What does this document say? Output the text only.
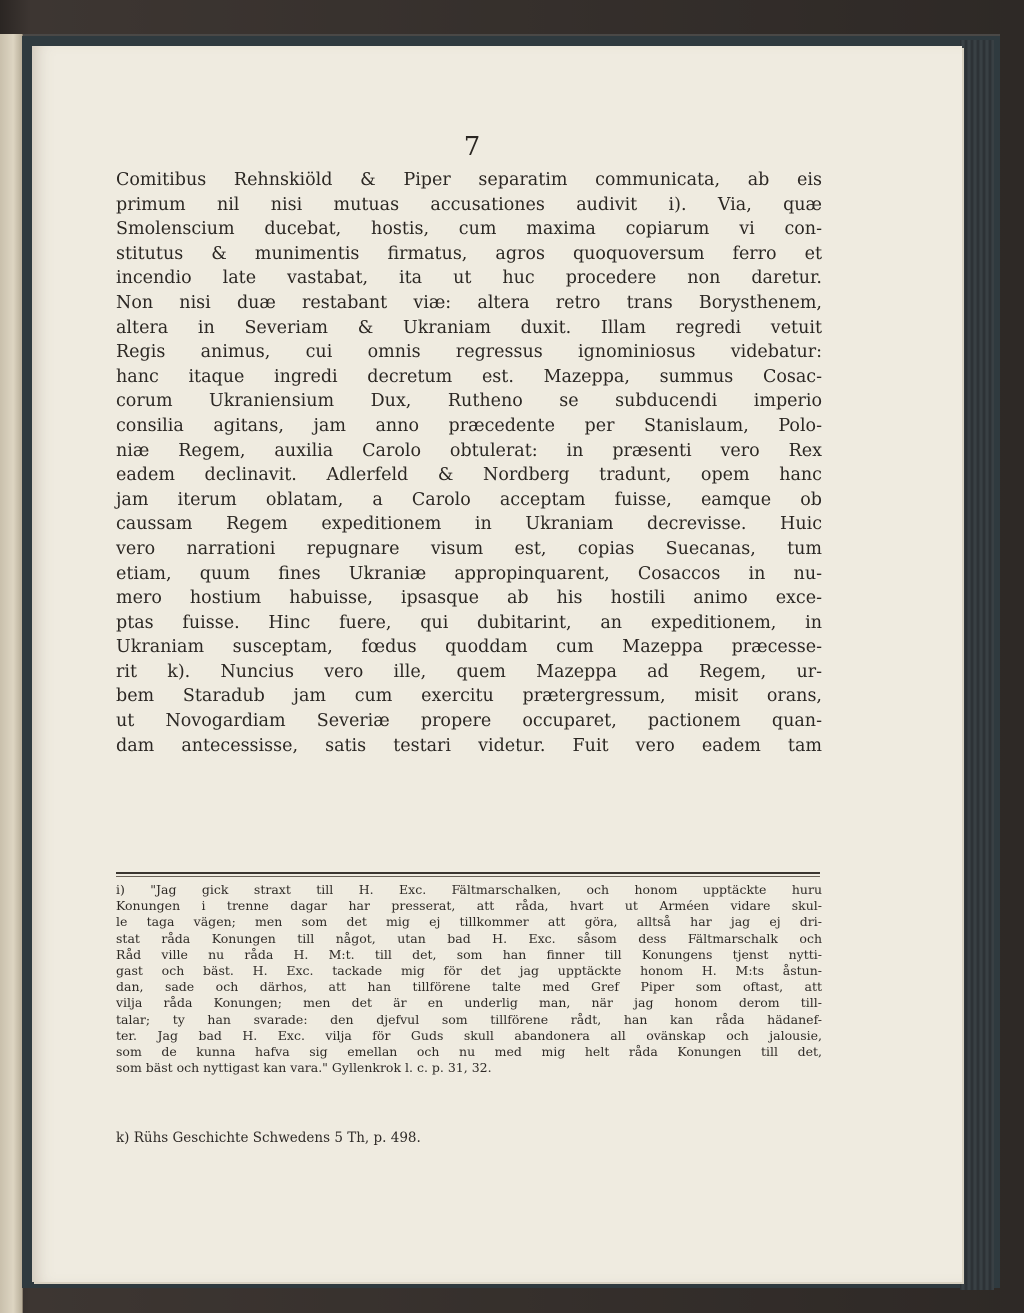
7
Comitibus Rehnskiöld & Piper separatim communicata, ab eis
primum nil nisi mutuas accusationes audivit i). Via, quæ
Smolenscium ducebat, hostis, cum maxima copiarum vi con-
stitutus & munimentis firmatus, agros quoquoversum ferro et
incendio late vastabat, ita ut huc procedere non daretur.
Non nisi duæ restabant viæ: altera retro trans Borysthenem,
altera in Severiam & Ukraniam duxit. Illam regredi vetuit
Regis animus, cui omnis regressus ignominiosus videbatur:
hanc itaque ingredi decretum est. Mazeppa, summus Cosac-
corum Ukraniensium Dux, Rutheno se subducendi imperio
consilia agitans, jam anno præcedente per Stanislaum, Polo-
niæ Regem, auxilia Carolo obtulerat: in præsenti vero Rex
eadem declinavit. Adlerfeld & Nordberg tradunt, opem hanc
jam iterum oblatam, a Carolo acceptam fuisse, eamque ob
caussam Regem expeditionem in Ukraniam decrevisse. Huic
vero narrationi repugnare visum est, copias Suecanas, tum
etiam, quum fines Ukraniæ appropinquarent, Cosaccos in nu-
mero hostium habuisse, ipsasque ab his hostili animo exce-
ptas fuisse. Hinc fuere, qui dubitarint, an expeditionem, in
Ukraniam susceptam, fœdus quoddam cum Mazeppa præcesse-
rit k). Nuncius vero ille, quem Mazeppa ad Regem, ur-
bem Staradub jam cum exercitu prætergressum, misit orans,
ut Novogardiam Severiæ propere occuparet, pactionem quan-
dam antecessisse, satis testari videtur. Fuit vero eadem tam
i) "Jag gick straxt till H. Exc. Fältmarschalken, och honom upptäckte huru
Konungen i trenne dagar har presserat, att råda, hvart ut Arméen vidare skul-
le taga vägen; men som det mig ej tillkommer att göra, alltså har jag ej dri-
stat råda Konungen till något, utan bad H. Exc. såsom dess Fältmarschalk och
Råd ville nu råda H. M:t. till det, som han finner till Konungens tjenst nytti-
gast och bäst. H. Exc. tackade mig för det jag upptäckte honom H. M:ts åstun-
dan, sade och därhos, att han tillförene talte med Gref Piper som oftast, att
vilja råda Konungen; men det är en underlig man, när jag honom derom till-
talar; ty han svarade: den djefvul som tillförene rådt, han kan råda hädanef-
ter. Jag bad H. Exc. vilja för Guds skull abandonera all ovänskap och jalousie,
som de kunna hafva sig emellan och nu med mig helt råda Konungen till det,
som bäst och nyttigast kan vara." Gyllenkrok l. c. p. 31, 32.
k) Rühs Geschichte Schwedens 5 Th, p. 498.
